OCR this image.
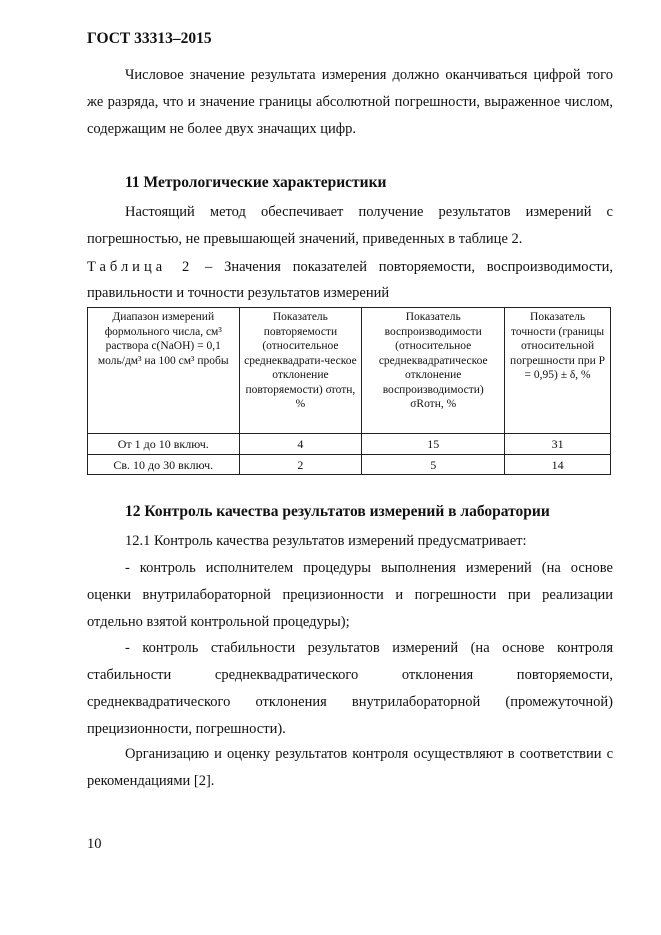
ГОСТ 33313–2015

Числовое значение результата измерения должно оканчиваться цифрой того же разряда, что и значение границы абсолютной погрешности, выраженное числом, содержащим не более двух значащих цифр.

11 Метрологические характеристики

Настоящий метод обеспечивает получение результатов измерений с погрешностью, не превышающей значений, приведенных в таблице 2.

Таблица 2 – Значения показателей повторяемости, воспроизводимости, правильности и точности результатов измерений

Диапазон измерений формольного числа, см³ раствора с(NaOH) = 0,1 моль/дм³ на 100 см³ пробы	Показатель повторяемости (относительное среднеквадрати-ческое отклонение повторяемости) σrотн, %	Показатель воспроизводимости (относительное среднеквадратическое отклонение воспроизводимости) σRотн, %	Показатель точности (границы относительной погрешности при P = 0,95) ± δ, %
От 1 до 10 включ.	4	15	31
Св. 10 до 30 включ.	2	5	14
12 Контроль качества результатов измерений в лаборатории

12.1 Контроль качества результатов измерений предусматривает:

- контроль исполнителем процедуры выполнения измерений (на основе оценки внутрилабораторной прецизионности и погрешности при реализации отдельно взятой контрольной процедуры);

- контроль стабильности результатов измерений (на основе контроля стабильности среднеквадратического отклонения повторяемости, среднеквадратического отклонения внутрилабораторной (промежуточной) прецизионности, погрешности).

Организацию и оценку результатов контроля осуществляют в соответствии с рекомендациями [2].

10
